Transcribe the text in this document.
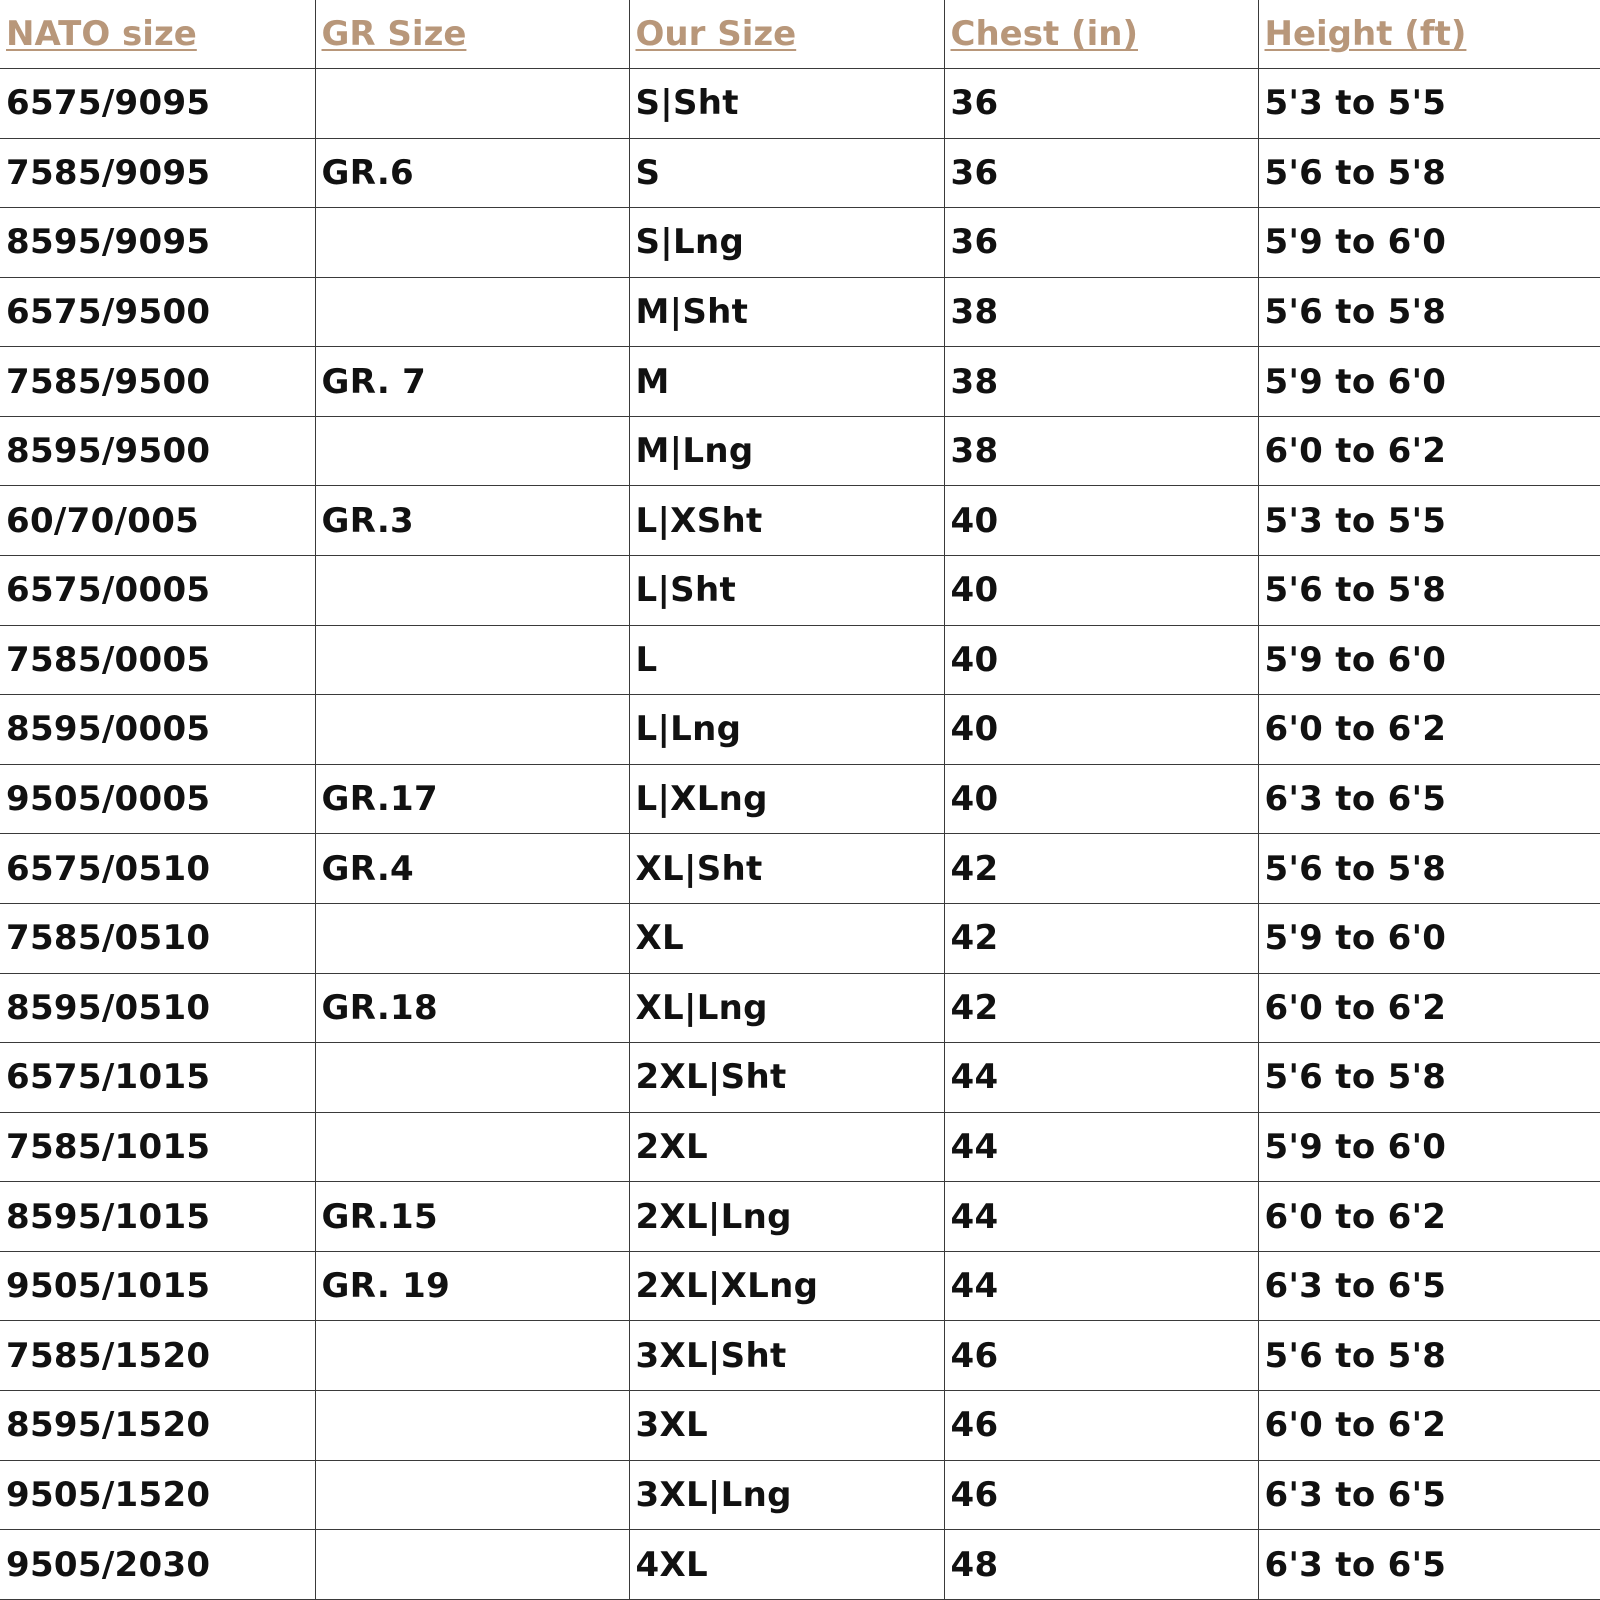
NATO size	GR Size	Our Size	Chest (in)	Height (ft)
6575/9095		S|Sht	36	5'3 to 5'5
7585/9095	GR.6	S	36	5'6 to 5'8
8595/9095		S|Lng	36	5'9 to 6'0
6575/9500		M|Sht	38	5'6 to 5'8
7585/9500	GR. 7	M	38	5'9 to 6'0
8595/9500		M|Lng	38	6'0 to 6'2
60/70/005	GR.3	L|XSht	40	5'3 to 5'5
6575/0005		L|Sht	40	5'6 to 5'8
7585/0005		L	40	5'9 to 6'0
8595/0005		L|Lng	40	6'0 to 6'2
9505/0005	GR.17	L|XLng	40	6'3 to 6'5
6575/0510	GR.4	XL|Sht	42	5'6 to 5'8
7585/0510		XL	42	5'9 to 6'0
8595/0510	GR.18	XL|Lng	42	6'0 to 6'2
6575/1015		2XL|Sht	44	5'6 to 5'8
7585/1015		2XL	44	5'9 to 6'0
8595/1015	GR.15	2XL|Lng	44	6'0 to 6'2
9505/1015	GR. 19	2XL|XLng	44	6'3 to 6'5
7585/1520		3XL|Sht	46	5'6 to 5'8
8595/1520		3XL	46	6'0 to 6'2
9505/1520		3XL|Lng	46	6'3 to 6'5
9505/2030		4XL	48	6'3 to 6'5
